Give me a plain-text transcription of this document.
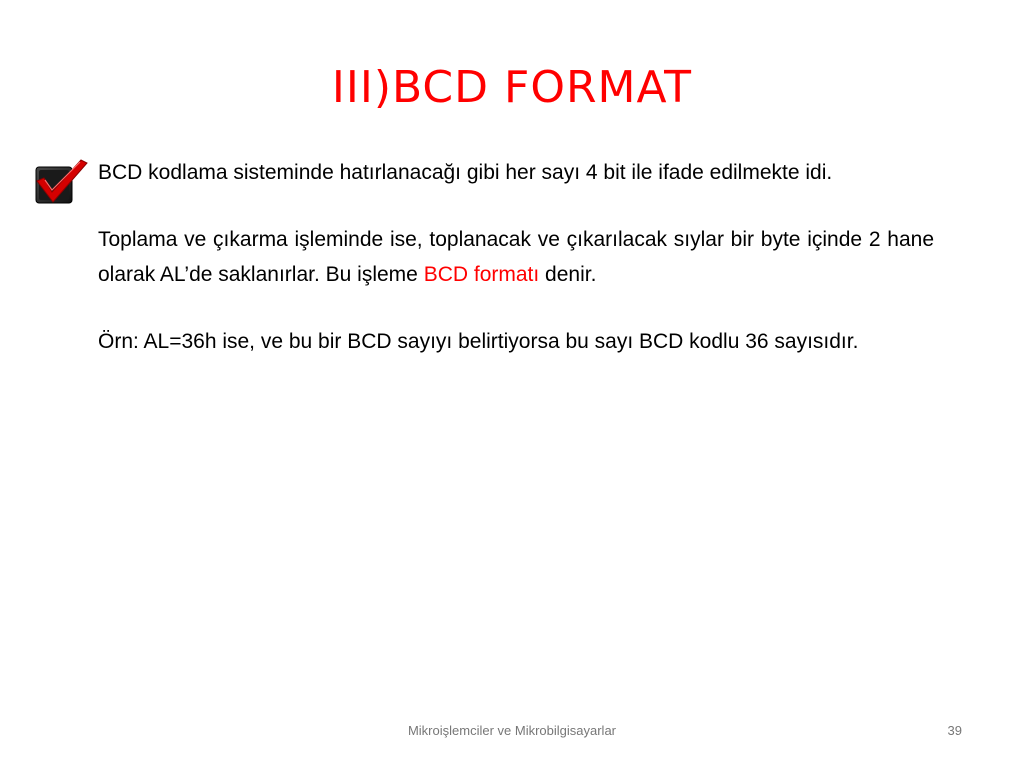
III)BCD FORMAT

BCD kodlama sisteminde hatırlanacağı gibi her sayı 4 bit ile ifade edilmekte idi.

Toplama ve çıkarma işleminde ise, toplanacak ve çıkarılacak sıylar bir byte içinde 2 hane olarak AL’de saklanırlar. Bu işleme BCD formatı denir.

Örn: AL=36h ise, ve bu bir BCD sayıyı belirtiyorsa bu sayı BCD kodlu 36 sayısıdır.

Mikroişlemciler ve Mikrobilgisayarlar	39
